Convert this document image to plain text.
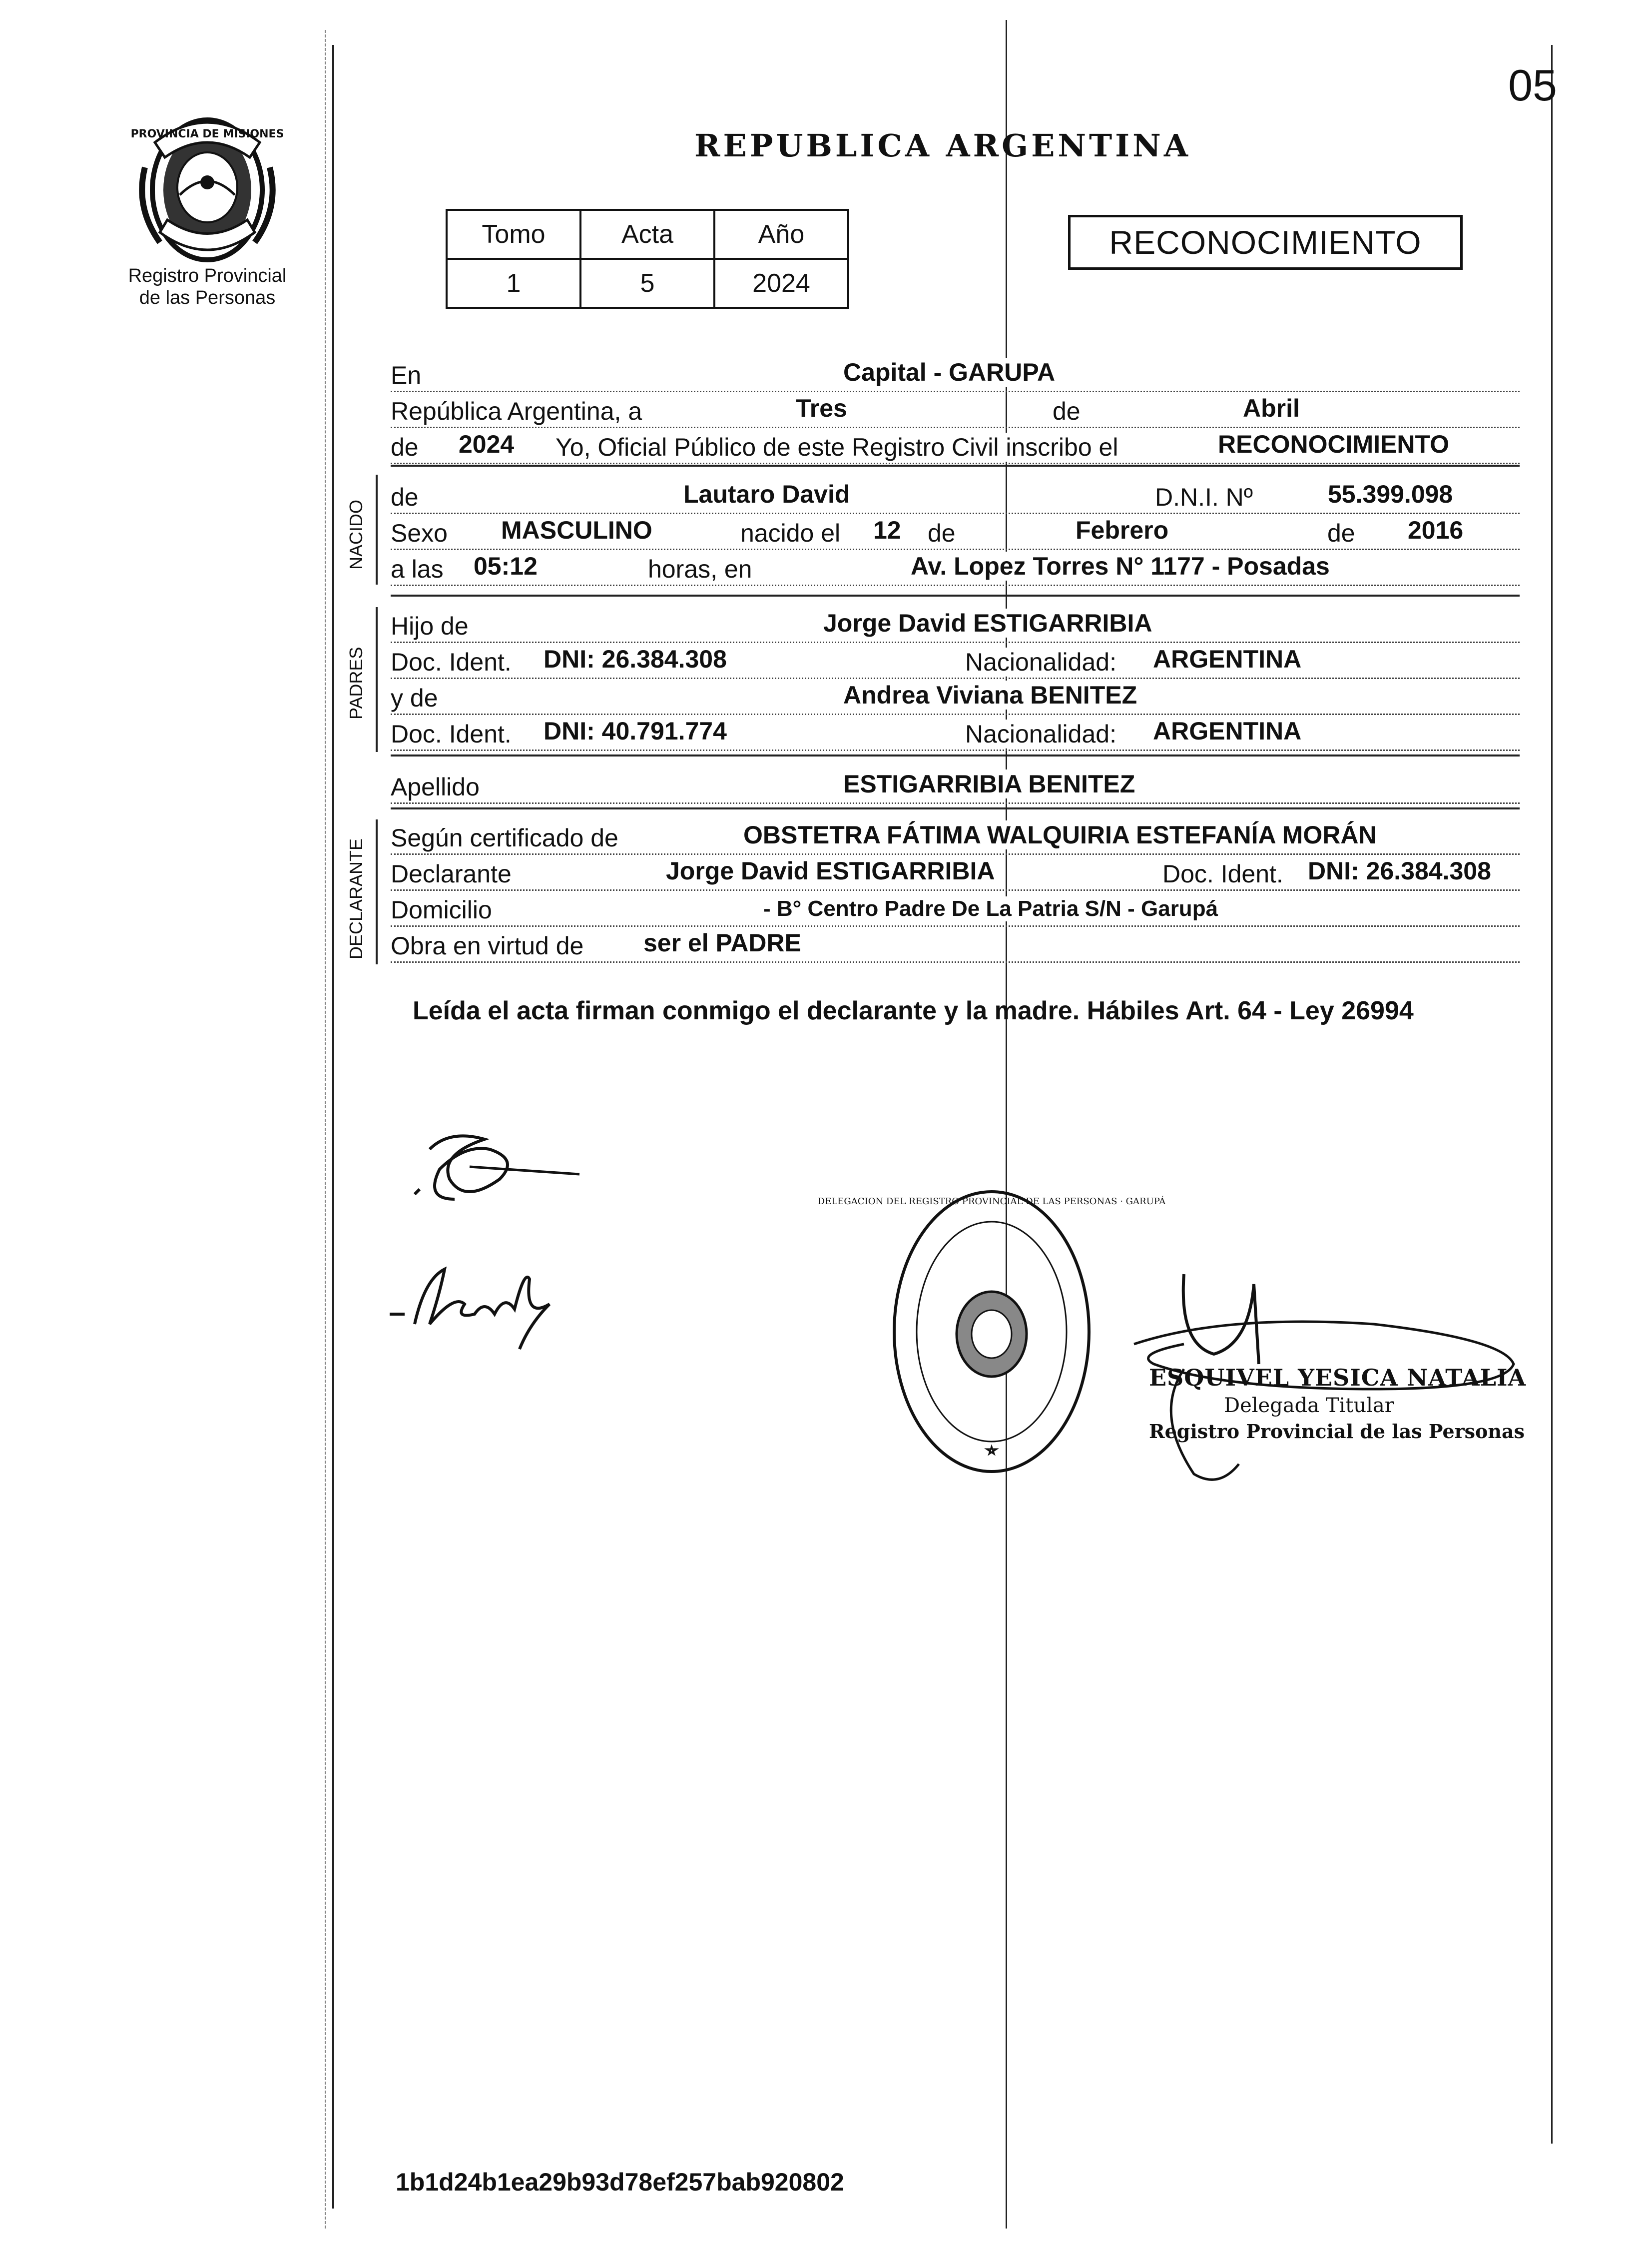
PROVINCIA DE MISIONES
Registro Provincial
de las Personas
05
REPUBLICA ARGENTINA
Tomo	Acta	Año
1	5	2024
RECONOCIMIENTO
En	Capital - GARUPA
República Argentina, a	Tres	de	Abril
de 2024 Yo, Oficial Público de este Registro Civil inscribo el	RECONOCIMIENTO
NACIDO
de	Lautaro David	D.N.I. Nº	55.399.098
Sexo MASCULINO	nacido el 12 de	Febrero	de 2016
a las 05:12	horas, en	Av. Lopez Torres N° 1177 - Posadas
PADRES
Hijo de	Jorge David ESTIGARRIBIA
Doc. Ident. DNI: 26.384.308	Nacionalidad: ARGENTINA
y de	Andrea Viviana BENITEZ
Doc. Ident. DNI: 40.791.774	Nacionalidad: ARGENTINA
Apellido	ESTIGARRIBIA BENITEZ
DECLARANTE
Según certificado de	OBSTETRA FÁTIMA WALQUIRIA ESTEFANÍA MORÁN
Declarante	Jorge David ESTIGARRIBIA	Doc. Ident. DNI: 26.384.308
Domicilio	- B° Centro Padre De La Patria S/N - Garupá
Obra en virtud de ser el PADRE
Leída el acta firman conmigo el declarante y la madre. Hábiles Art. 64 - Ley 26994
DELEGACION DEL REGISTRO PROVINCIAL DE LAS PERSONAS · GARUPÁ
ESQUIVEL YESICA NATALIA
Delegada Titular
Registro Provincial de las Personas
1b1d24b1ea29b93d78ef257bab920802
